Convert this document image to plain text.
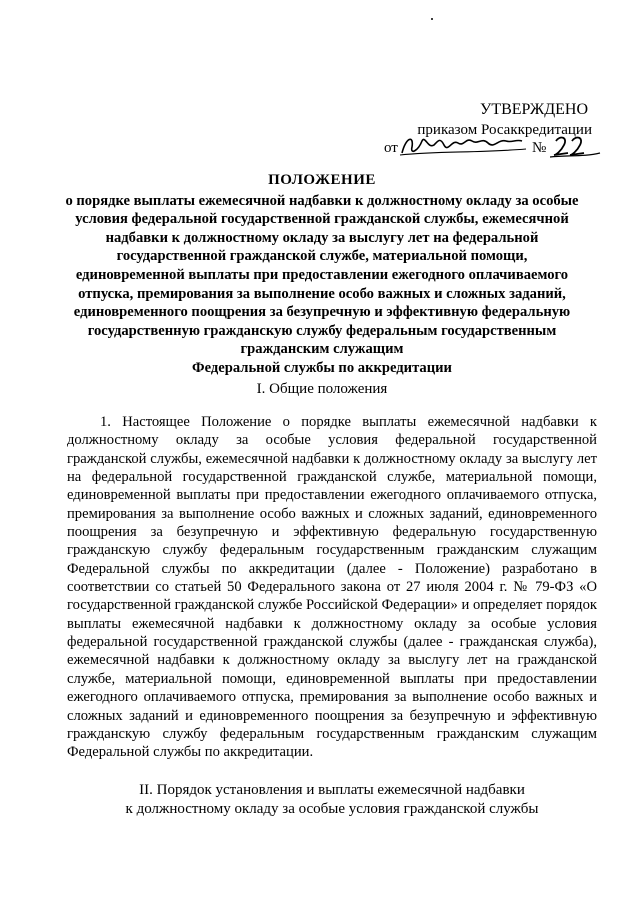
УТВЕРЖДЕНО
приказом Росаккредитации
от	№
ПОЛОЖЕНИЕ
о порядке выплаты ежемесячной надбавки к должностному окладу за особые условия федеральной государственной гражданской службы, ежемесячной надбавки к должностному окладу за выслугу лет на федеральной государственной гражданской службе, материальной помощи, единовременной выплаты при предоставлении ежегодного оплачиваемого отпуска, премирования за выполнение особо важных и сложных заданий, единовременного поощрения за безупречную и эффективную федеральную государственную гражданскую службу федеральным государственным гражданским служащим
Федеральной службы по аккредитации
I. Общие положения
1. Настоящее Положение о порядке выплаты ежемесячной надбавки к должностному окладу за особые условия федеральной государственной гражданской службы, ежемесячной надбавки к должностному окладу за выслугу лет на федеральной государственной гражданской службе, материальной помощи, единовременной выплаты при предоставлении ежегодного оплачиваемого отпуска, премирования за выполнение особо важных и сложных заданий, единовременного поощрения за безупречную и эффективную федеральную государственную гражданскую службу федеральным государственным гражданским служащим Федеральной службы по аккредитации (далее - Положение) разработано в соответствии со статьей 50 Федерального закона от 27 июля 2004 г. № 79-ФЗ «О государственной гражданской службе Российской Федерации» и определяет порядок выплаты ежемесячной надбавки к должностному окладу за особые условия федеральной государственной гражданской службы (далее - гражданская служба), ежемесячной надбавки к должностному окладу за выслугу лет на гражданской службе, материальной помощи, единовременной выплаты при предоставлении ежегодного оплачиваемого отпуска, премирования за выполнение особо важных и сложных заданий и единовременного поощрения за безупречную и эффективную гражданскую службу федеральным государственным гражданским служащим Федеральной службы по аккредитации.
II. Порядок установления и выплаты ежемесячной надбавки
к должностному окладу за особые условия гражданской службы
